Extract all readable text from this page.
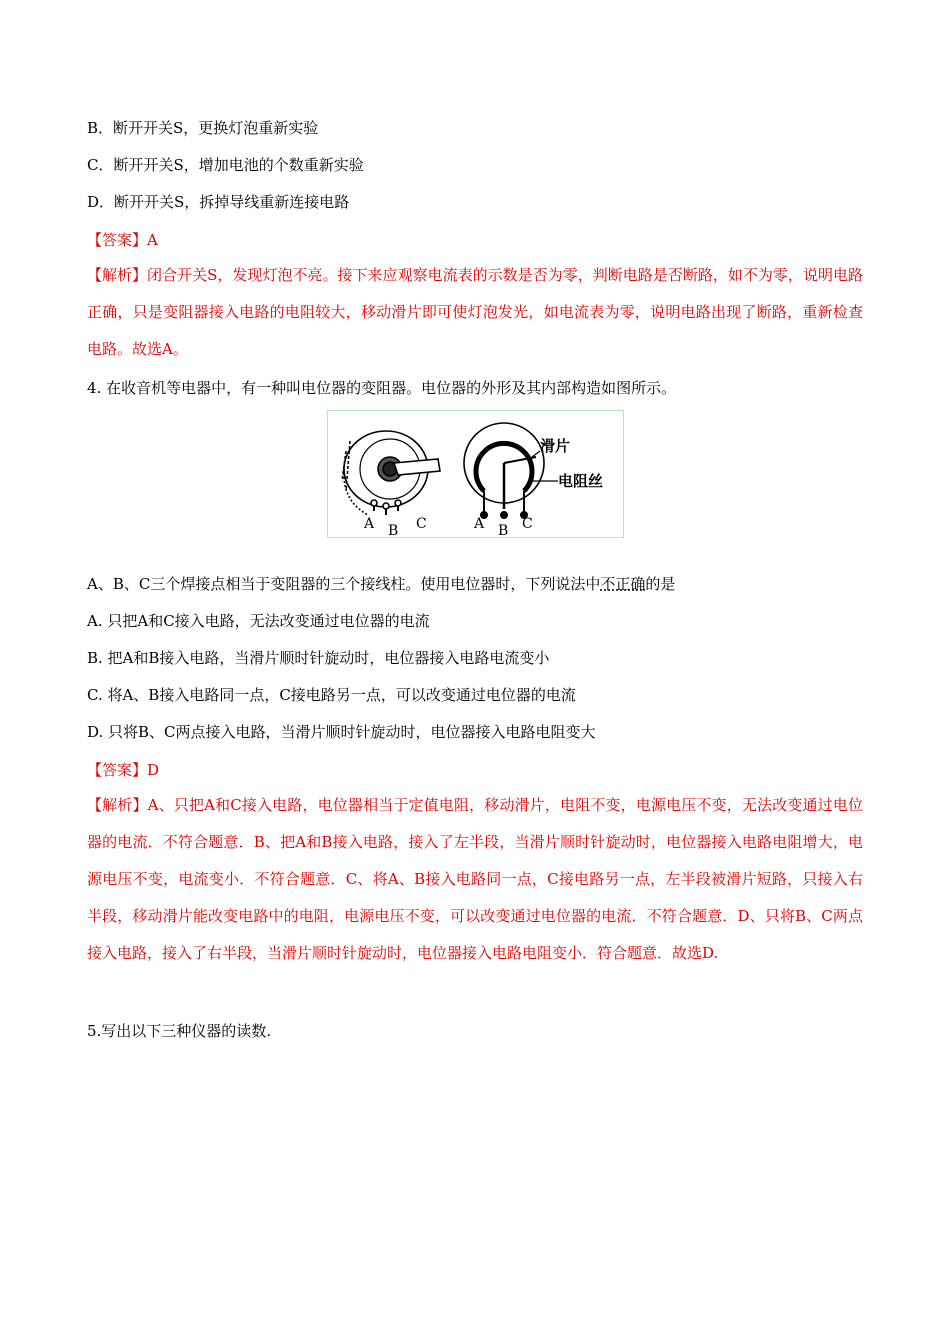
B．断开开关S，更换灯泡重新实验
C．断开开关S，增加电池的个数重新实验
D．断开开关S，拆掉导线重新连接电路
【答案】A
【解析】闭合开关S，发现灯泡不亮。接下来应观察电流表的示数是否为零，判断电路是否断路，如不为零，说明电路正确，只是变阻器接入电路的电阻较大，移动滑片即可使灯泡发光，如电流表为零，说明电路出现了断路，重新检查电路。故选A。
4. 在收音机等电器中，有一种叫电位器的变阻器。电位器的外形及其内部构造如图所示。
A B C
滑片
电阻丝
A B C
A、B、C三个焊接点相当于变阻器的三个接线柱。使用电位器时，下列说法中不正确的是
A. 只把A和C接入电路，无法改变通过电位器的电流
B. 把A和B接入电路，当滑片顺时针旋动时，电位器接入电路电流变小
C. 将A、B接入电路同一点，C接电路另一点，可以改变通过电位器的电流
D. 只将B、C两点接入电路，当滑片顺时针旋动时，电位器接入电路电阻变大
【答案】D
【解析】A、只把A和C接入电路，电位器相当于定值电阻，移动滑片，电阻不变，电源电压不变，无法改变通过电位器的电流．不符合题意．B、把A和B接入电路，接入了左半段，当滑片顺时针旋动时，电位器接入电路电阻增大，电源电压不变，电流变小．不符合题意．C、将A、B接入电路同一点，C接电路另一点，左半段被滑片短路，只接入右半段，移动滑片能改变电路中的电阻，电源电压不变，可以改变通过电位器的电流．不符合题意．D、只将B、C两点接入电路，接入了右半段，当滑片顺时针旋动时，电位器接入电路电阻变小．符合题意．故选D.
5.写出以下三种仪器的读数.
